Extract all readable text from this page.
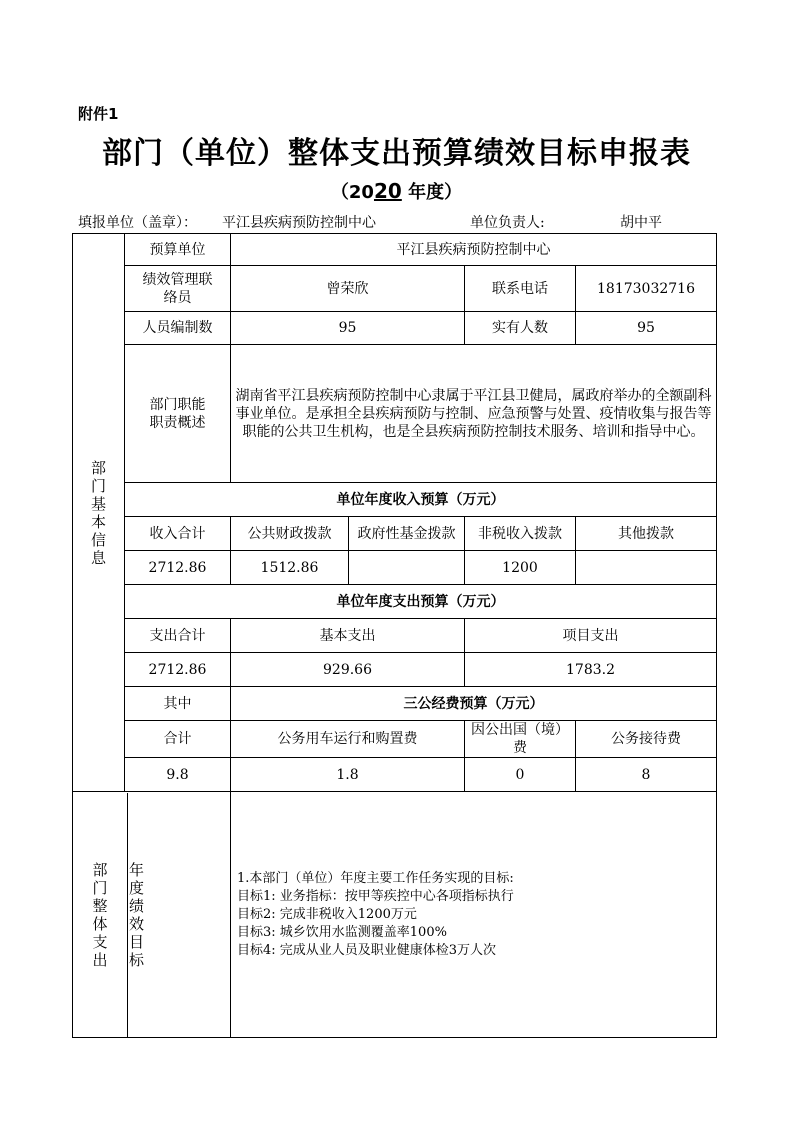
附件1
部门（单位）整体支出预算绩效目标申报表
（2020 年度）
填报单位（盖章）： 平江县疾病预防控制中心	单位负责人:	胡中平
部
门
基
本
信
息	预算单位	平江县疾病预防控制中心
绩效管理联络员	曾荣欣	联系电话	18173032716
人员编制数	95	实有人数	95
部门职能职责概述	湖南省平江县疾病预防控制中心隶属于平江县卫健局，属政府举办的全额副科事业单位。是承担全县疾病预防与控制、应急预警与处置、疫情收集与报告等职能的公共卫生机构，也是全县疾病预防控制技术服务、培训和指导中心。
单位年度收入预算（万元）
收入合计	公共财政拨款	政府性基金拨款	非税收入拨款	其他拨款
2712.86	1512.86		1200	
单位年度支出预算（万元）
支出合计	基本支出	项目支出
2712.86	929.66	1783.2
其中	三公经费预算（万元）
合计	公务用车运行和购置费	因公出国（境）费	公务接待费
9.8	1.8	0	8

部
门
整
体
支
出	年
度
绩
效
目
标	

1.本部门（单位）年度主要工作任务实现的目标:
目标1: 业务指标：按甲等疾控中心各项指标执行
目标2: 完成非税收入1200万元
目标3: 城乡饮用水监测覆盖率100%
目标4: 完成从业人员及职业健康体检3万人次
